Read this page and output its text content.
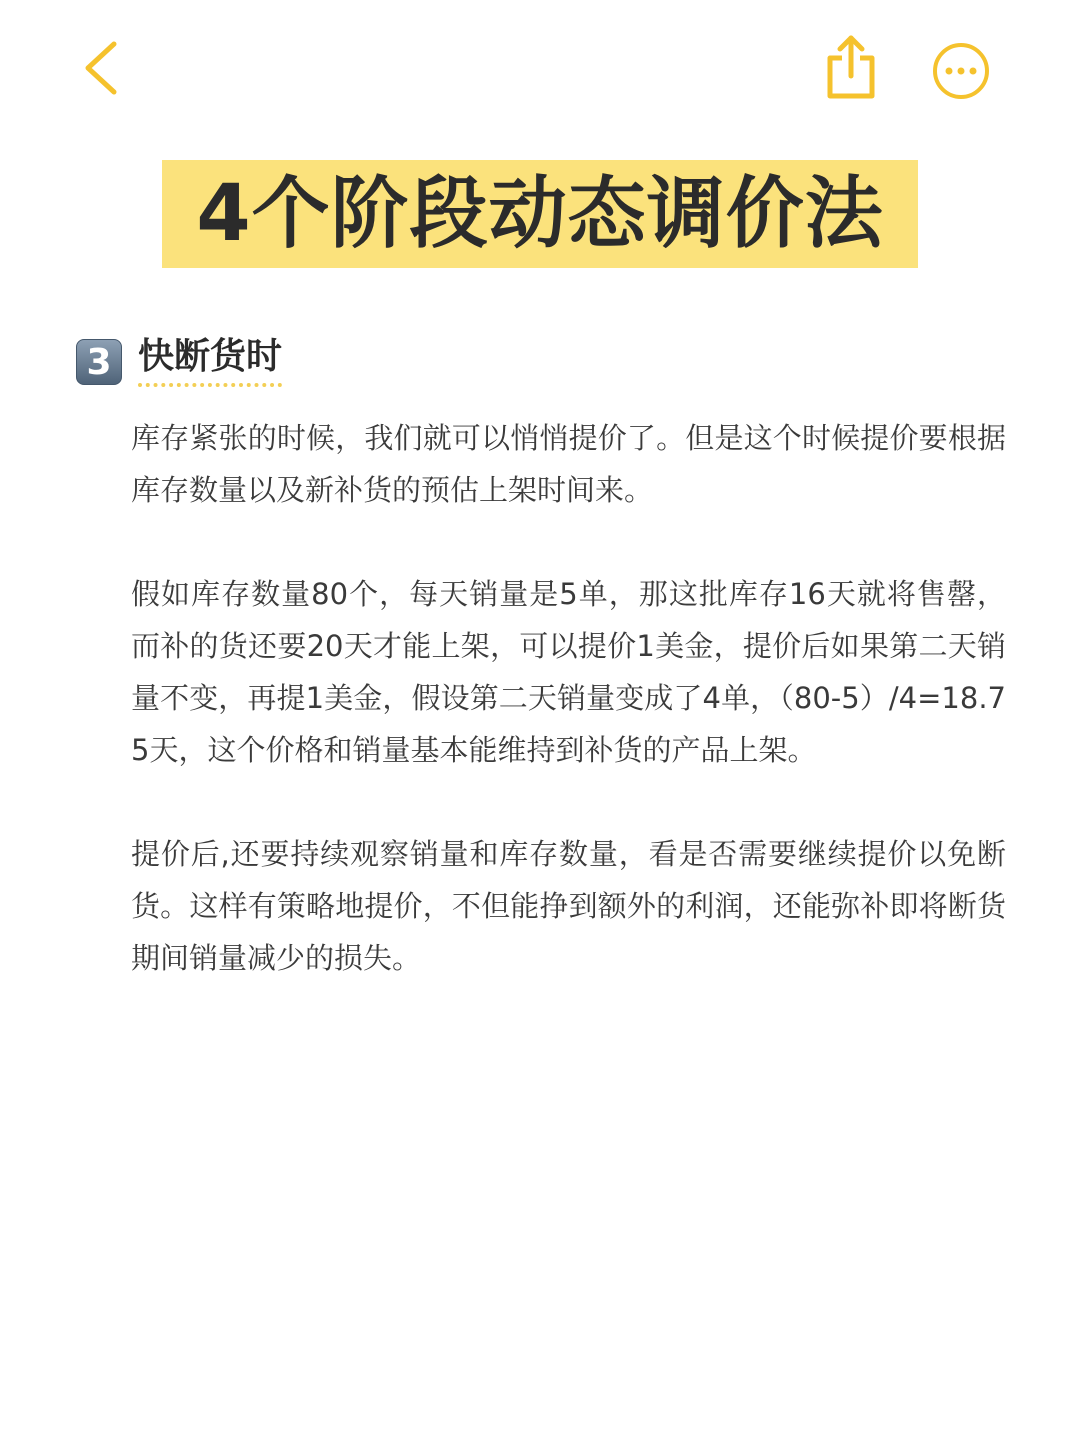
4个阶段动态调价法
3 快断货时

库存紧张的时候，我们就可以悄悄提价了。但是这个时候提价要根据库存数量以及新补货的预估上架时间来。

假如库存数量80个，每天销量是5单，那这批库存16天就将售罄，而补的货还要20天才能上架，可以提价1美金，提价后如果第二天销量不变，再提1美金，假设第二天销量变成了4单，（80-5）/4=18.75天，这个价格和销量基本能维持到补货的产品上架。

提价后,还要持续观察销量和库存数量，看是否需要继续提价以免断货。这样有策略地提价，不但能挣到额外的利润，还能弥补即将断货期间销量减少的损失。
